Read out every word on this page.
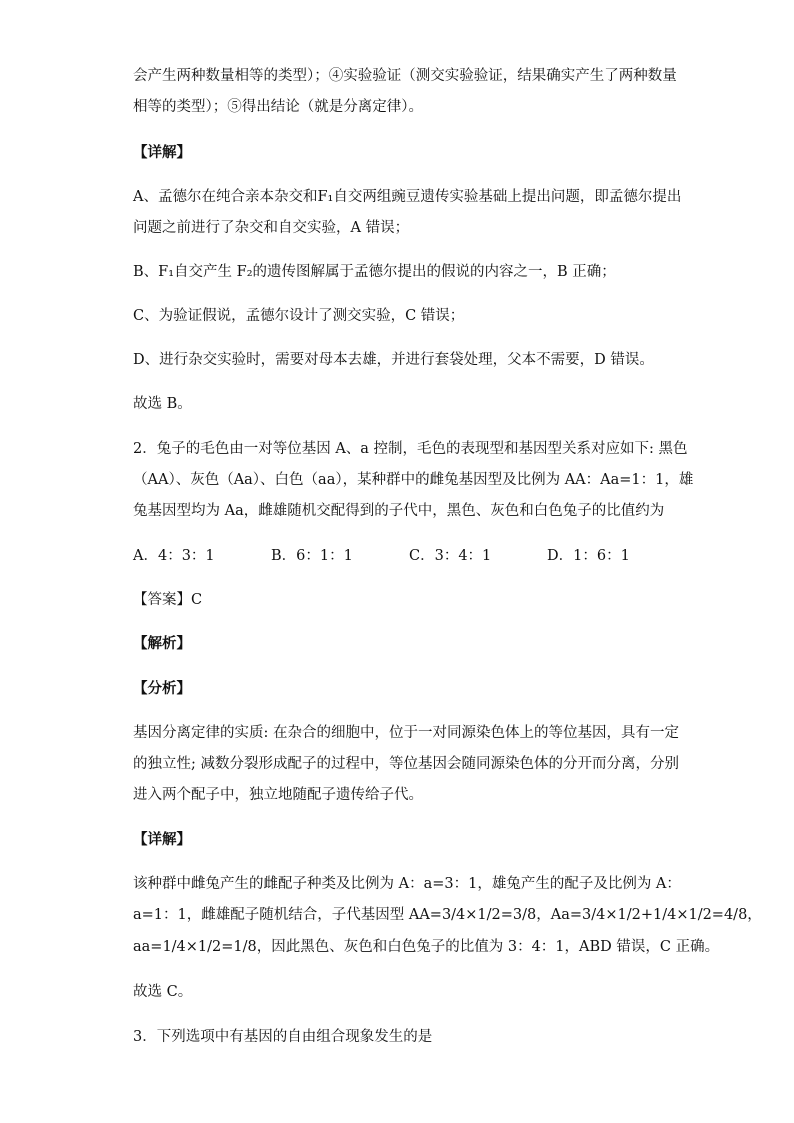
会产生两种数量相等的类型）；④实验验证（测交实验验证，结果确实产生了两种数量
相等的类型）；⑤得出结论（就是分离定律）。
【详解】
A、孟德尔在纯合亲本杂交和F₁自交两组豌豆遗传实验基础上提出问题，即孟德尔提出
问题之前进行了杂交和自交实验，A 错误；
B、F₁自交产生 F₂的遗传图解属于孟德尔提出的假说的内容之一，B 正确；
C、为验证假说，孟德尔设计了测交实验，C 错误；
D、进行杂交实验时，需要对母本去雄，并进行套袋处理，父本不需要，D 错误。
故选 B。
2．兔子的毛色由一对等位基因 A、a 控制，毛色的表现型和基因型关系对应如下: 黑色
（AA）、灰色（Aa）、白色（aa），某种群中的雌兔基因型及比例为 AA：Aa=1：1，雄
兔基因型均为 Aa，雌雄随机交配得到的子代中，黑色、灰色和白色兔子的比值约为
A．4：3：1	B．6：1：1	C．3：4：1	D．1：6：1
【答案】C
【解析】
【分析】
基因分离定律的实质: 在杂合的细胞中，位于一对同源染色体上的等位基因，具有一定
的独立性; 减数分裂形成配子的过程中，等位基因会随同源染色体的分开而分离，分别
进入两个配子中，独立地随配子遗传给子代。
【详解】
该种群中雌兔产生的雌配子种类及比例为 A：a=3：1，雄兔产生的配子及比例为 A：
a=1：1，雌雄配子随机结合，子代基因型 AA=3/4×1/2=3/8，Aa=3/4×1/2+1/4×1/2=4/8，
aa=1/4×1/2=1/8，因此黑色、灰色和白色兔子的比值为 3：4：1，ABD 错误，C 正确。
故选 C。
3．下列选项中有基因的自由组合现象发生的是
